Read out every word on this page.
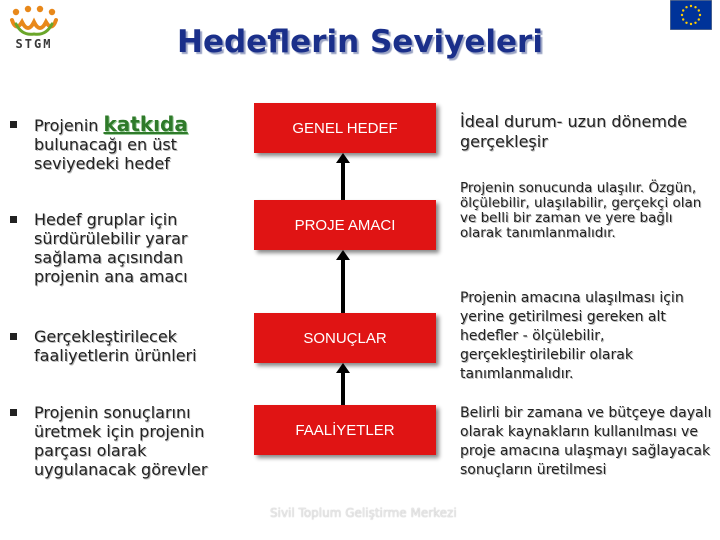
STGM	Hedeflerin Seviyeleri
Projenin katkıda bulunacağı en üst seviyedeki hedef
Hedef gruplar için sürdürülebilir yarar sağlama açısından projenin ana amacı
Gerçekleştirilecek faaliyetlerin ürünleri
Projenin sonuçlarını üretmek için projenin parçası olarak uygulanacak görevler
GENEL HEDEF
PROJE AMACI
SONUÇLAR
FAALİYETLER
İdeal durum- uzun dönemde gerçekleşir
Projenin sonucunda ulaşılır. Özgün, ölçülebilir, ulaşılabilir, gerçekçi olan ve belli bir zaman ve yere bağlı olarak tanımlanmalıdır.
Projenin amacına ulaşılması için yerine getirilmesi gereken alt hedefler - ölçülebilir, gerçekleştirilebilir olarak tanımlanmalıdır.
Belirli bir zamana ve bütçeye dayalı olarak kaynakların kullanılması ve proje amacına ulaşmayı sağlayacak sonuçların üretilmesi
Sivil Toplum Geliştirme Merkezi
